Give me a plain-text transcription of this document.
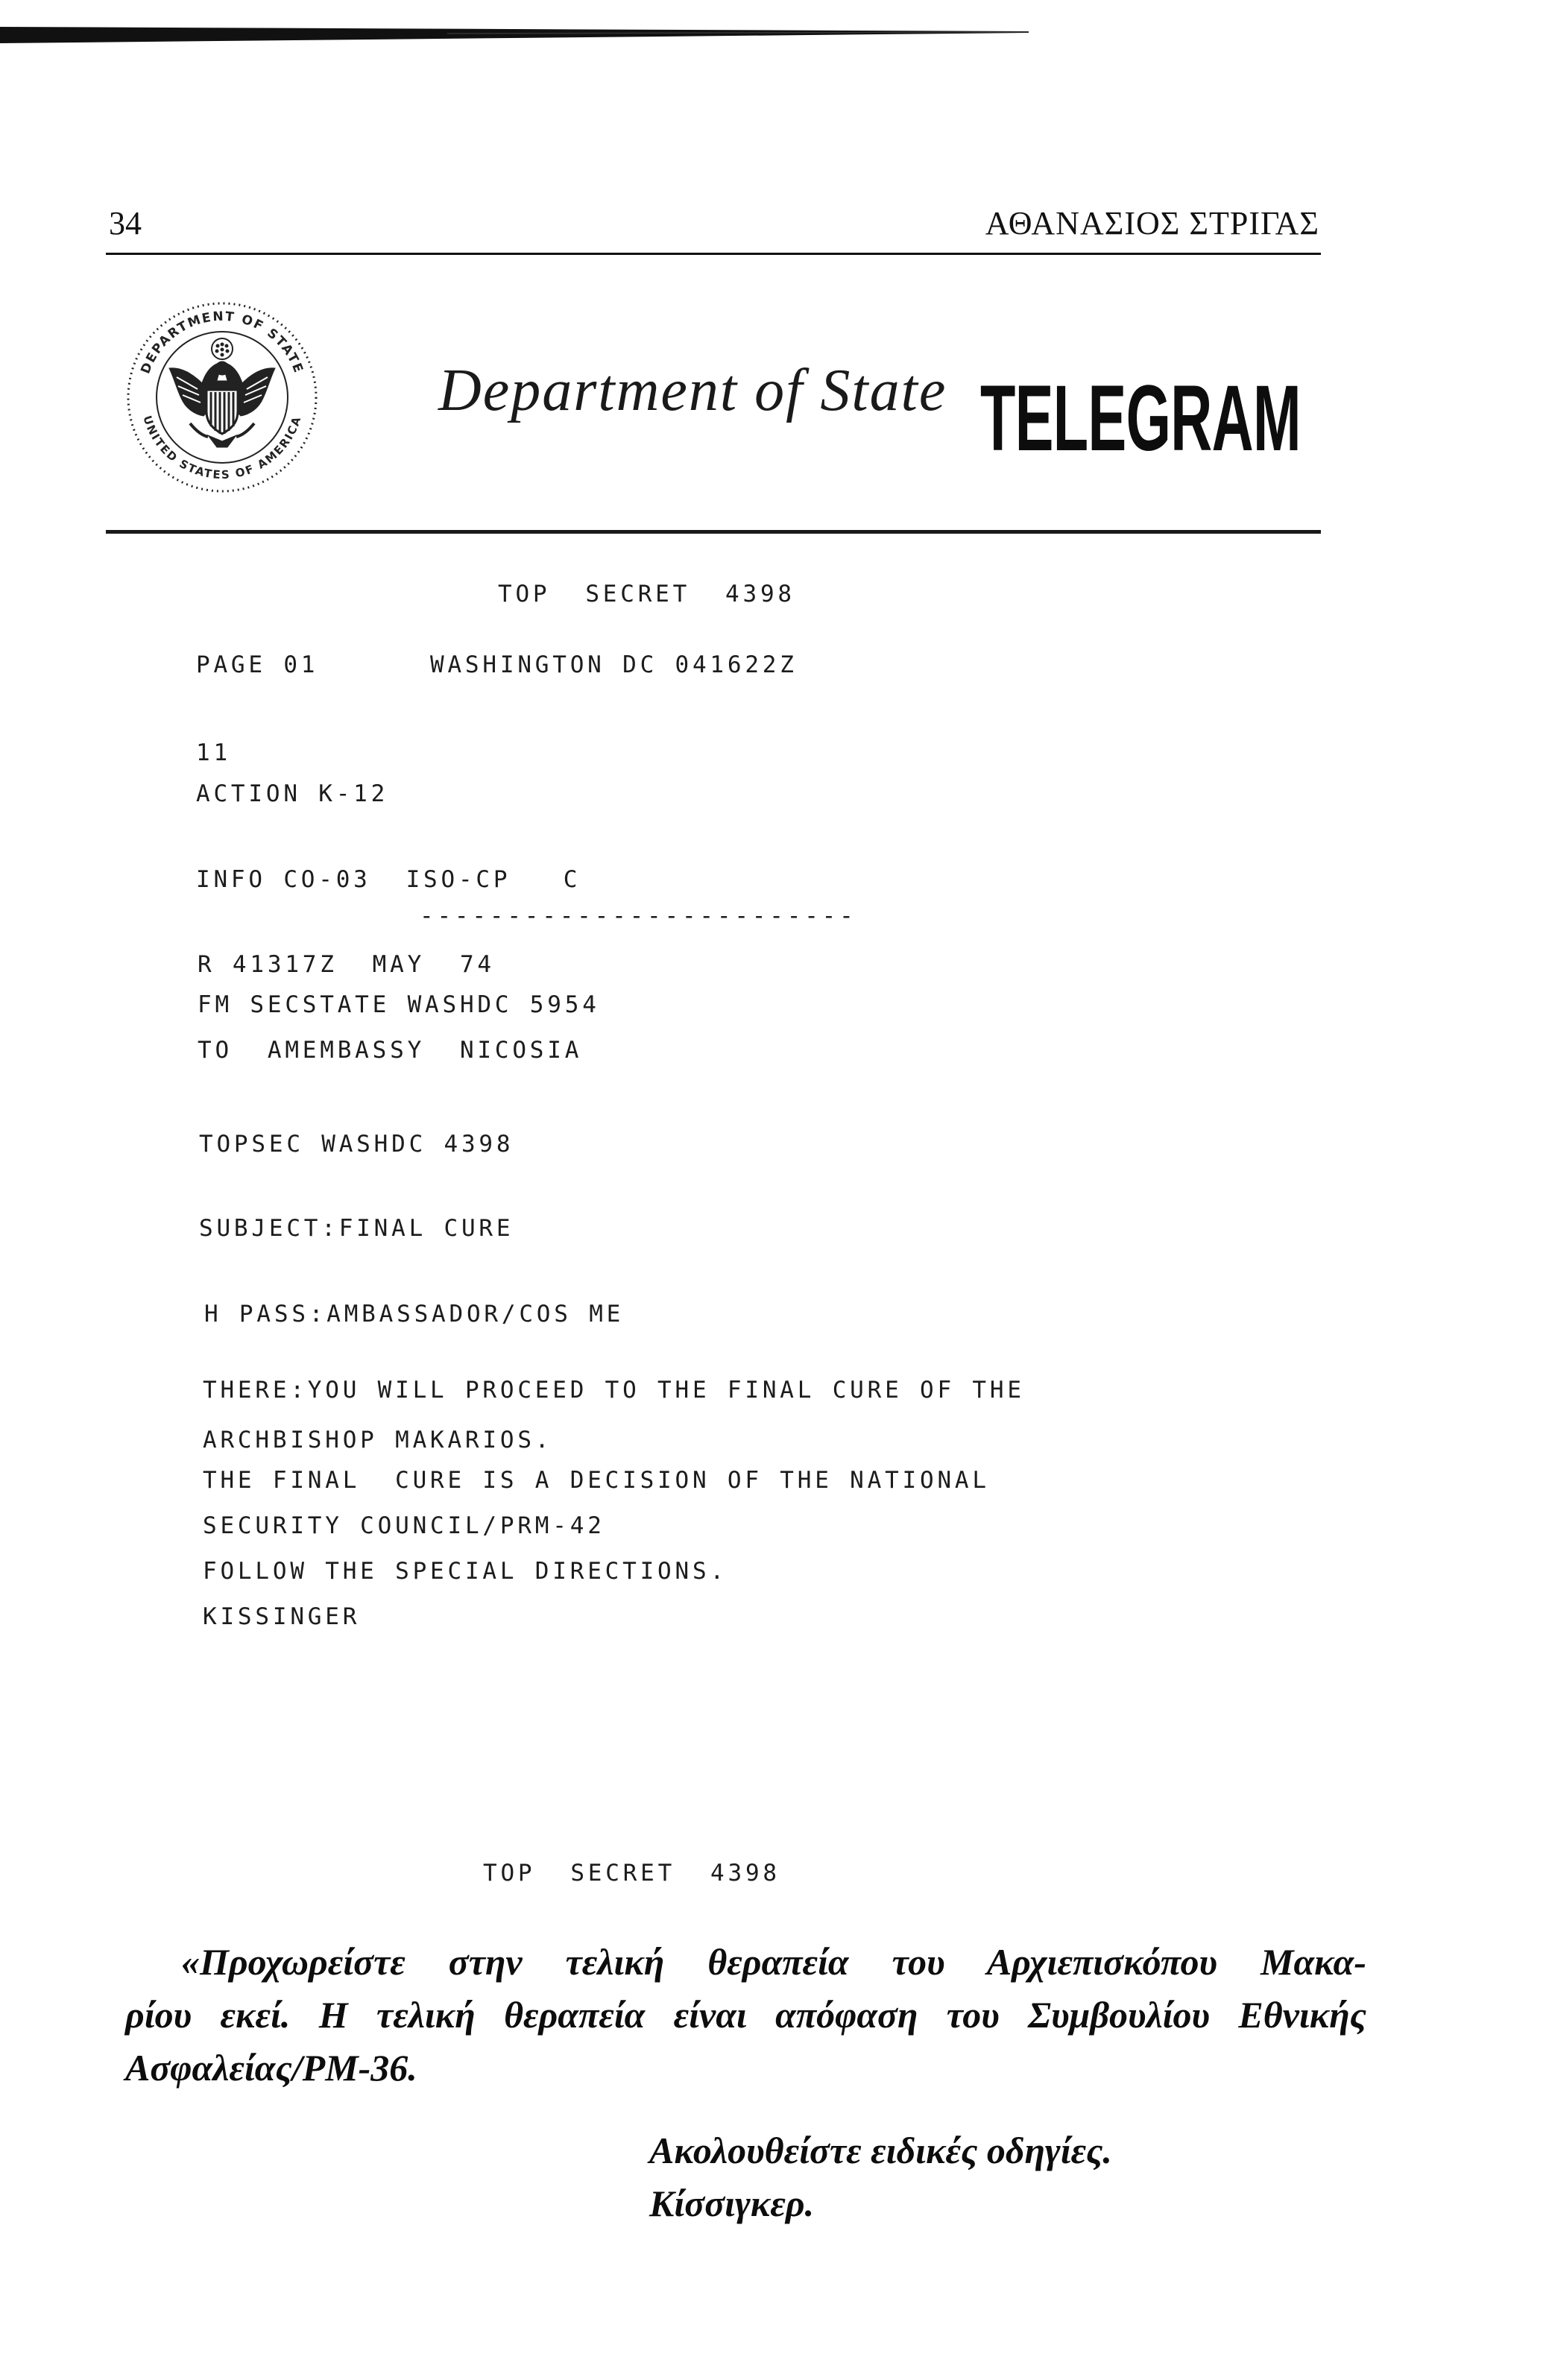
34	ΑΘΑΝΑΣΙΟΣ ΣΤΡΙΓΑΣ
DEPARTMENT OF STATE
UNITED STATES OF AMERICA Department of State TELEGRAM
TOP  SECRET  4398
PAGE 01	WASHINGTON DC 041622Z
11
ACTION K-12
INFO CO-03  ISO-CP   C
-------------------------
R 41317Z  MAY  74
FM SECSTATE WASHDC 5954
TO  AMEMBASSY  NICOSIA
TOPSEC WASHDC 4398
SUBJECT:FINAL CURE
H PASS:AMBASSADOR/COS ME
THERE:YOU WILL PROCEED TO THE FINAL CURE OF THE
ARCHBISHOP MAKARIOS.
THE FINAL  CURE IS A DECISION OF THE NATIONAL
SECURITY COUNCIL/PRM-42
FOLLOW THE SPECIAL DIRECTIONS.
KISSINGER
TOP  SECRET  4398
«Προχωρείστε στην τελική θεραπεία του Αρχιεπισκόπου Μακα-
ρίου εκεί. Η τελική θεραπεία είναι απόφαση του Συμβουλίου Εθνικής
Ασφαλείας/ΡΜ-36.
Ακολουθείστε ειδικές οδηγίες.
Κίσσιγκερ.
